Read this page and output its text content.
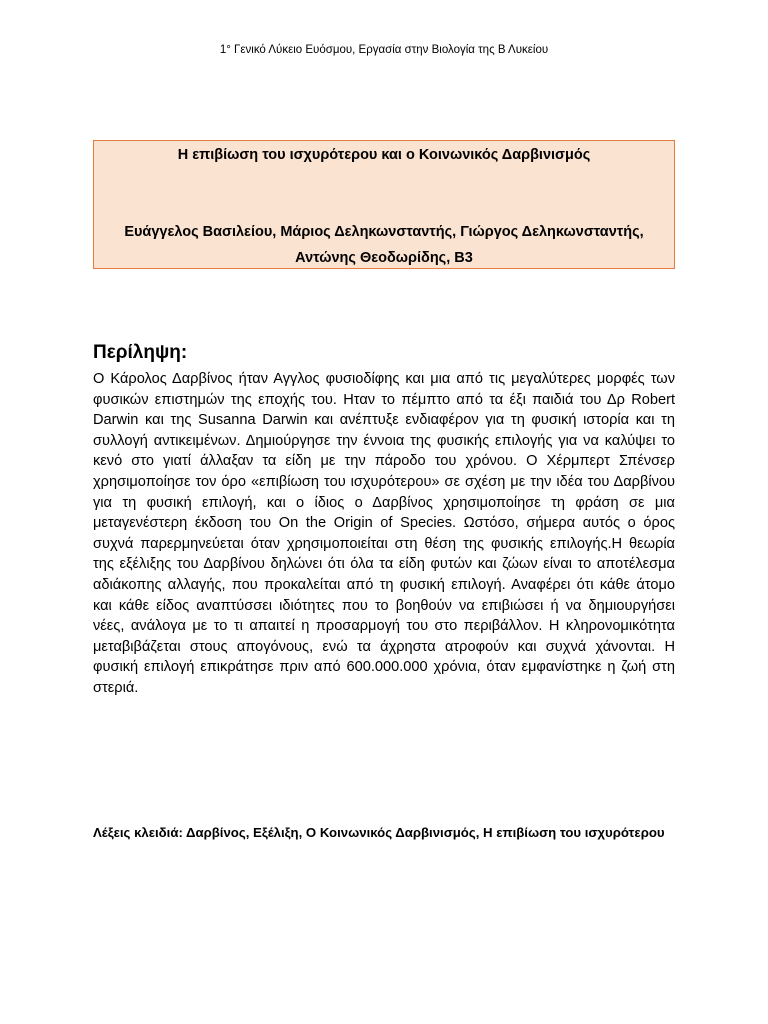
1° Γενικό Λύκειο Ευόσμου, Εργασία στην Βιολογία της Β Λυκείου
Η επιβίωση του ισχυρότερου και ο Κοινωνικός Δαρβινισμός
Ευάγγελος Βασιλείου, Μάριος Δεληκωνσταντής, Γιώργος Δεληκωνσταντής, Αντώνης Θεοδωρίδης, Β3
Περίληψη:
Ο Κάρολος Δαρβίνος ήταν Αγγλος φυσιοδίφης και μια από τις μεγαλύτερες μορφές των φυσικών επιστημών της εποχής του. Ηταν το πέμπτο από τα έξι παιδιά του Δρ Robert Darwin και της Susanna Darwin και ανέπτυξε ενδιαφέρον για τη φυσική ιστορία και τη συλλογή αντικειμένων. Δημιούργησε την έννοια της φυσικής επιλογής για να καλύψει το κενό στο γιατί άλλαξαν τα είδη με την πάροδο του χρόνου. Ο Χέρμπερτ Σπένσερ χρησιμοποίησε τον όρο «επιβίωση του ισχυρότερου» σε σχέση με την ιδέα του Δαρβίνου για τη φυσική επιλογή, και ο ίδιος ο Δαρβίνος χρησιμοποίησε τη φράση σε μια μεταγενέστερη έκδοση του On the Origin of Species. Ωστόσο, σήμερα αυτός ο όρος συχνά παρερμηνεύεται όταν χρησιμοποιείται στη θέση της φυσικής επιλογής.Η θεωρία της εξέλιξης του Δαρβίνου δηλώνει ότι όλα τα είδη φυτών και ζώων είναι το αποτέλεσμα αδιάκοπης αλλαγής, που προκαλείται από τη φυσική επιλογή. Αναφέρει ότι κάθε άτομο και κάθε είδος αναπτύσσει ιδιότητες που το βοηθούν να επιβιώσει ή να δημιουργήσει νέες, ανάλογα με το τι απαιτεί η προσαρμογή του στο περιβάλλον. Η κληρονομικότητα μεταβιβάζεται στους απογόνους, ενώ τα άχρηστα ατροφούν και συχνά χάνονται. Η φυσική επιλογή επικράτησε πριν από 600.000.000 χρόνια, όταν εμφανίστηκε η ζωή στη στεριά.
Λέξεις κλειδιά: Δαρβίνος, Εξέλιξη, Ο Κοινωνικός Δαρβινισμός, Η επιβίωση του ισχυρότερου
